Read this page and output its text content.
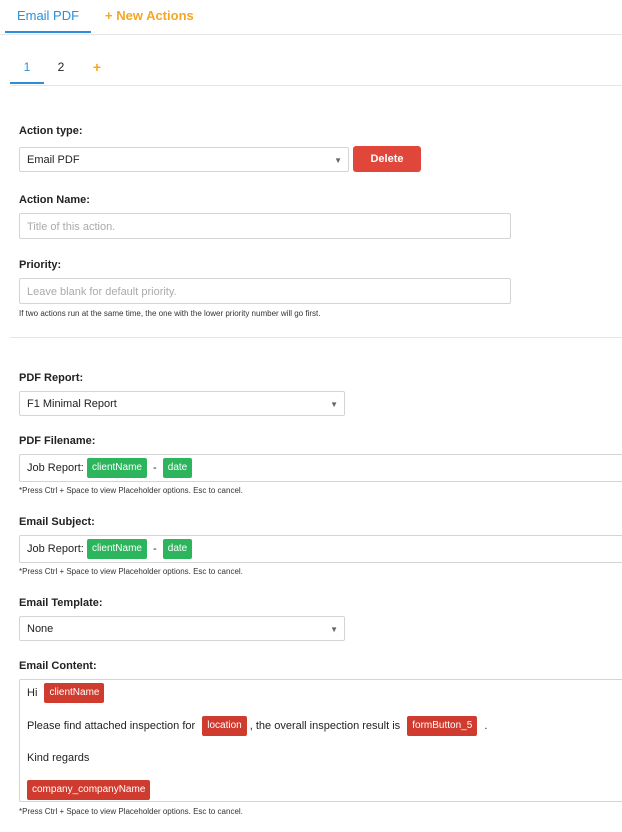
Email PDF	+ New Actions
1	2	+
Action type:
Email PDF	▼	Delete
Action Name:
Title of this action.
Priority:
Leave blank for default priority.
If two actions run at the same time, the one with the lower priority number will go first.
PDF Report:
F1 Minimal Report	▼
PDF Filename:
Job Report: clientName - date
*Press Ctrl + Space to view Placeholder options. Esc to cancel.
Email Subject:
Job Report: clientName - date
*Press Ctrl + Space to view Placeholder options. Esc to cancel.
Email Template:
None	▼
Email Content:
Hi clientName
Please find attached inspection for location , the overall inspection result is formButton_5 .
Kind regards
company_companyName
*Press Ctrl + Space to view Placeholder options. Esc to cancel.
